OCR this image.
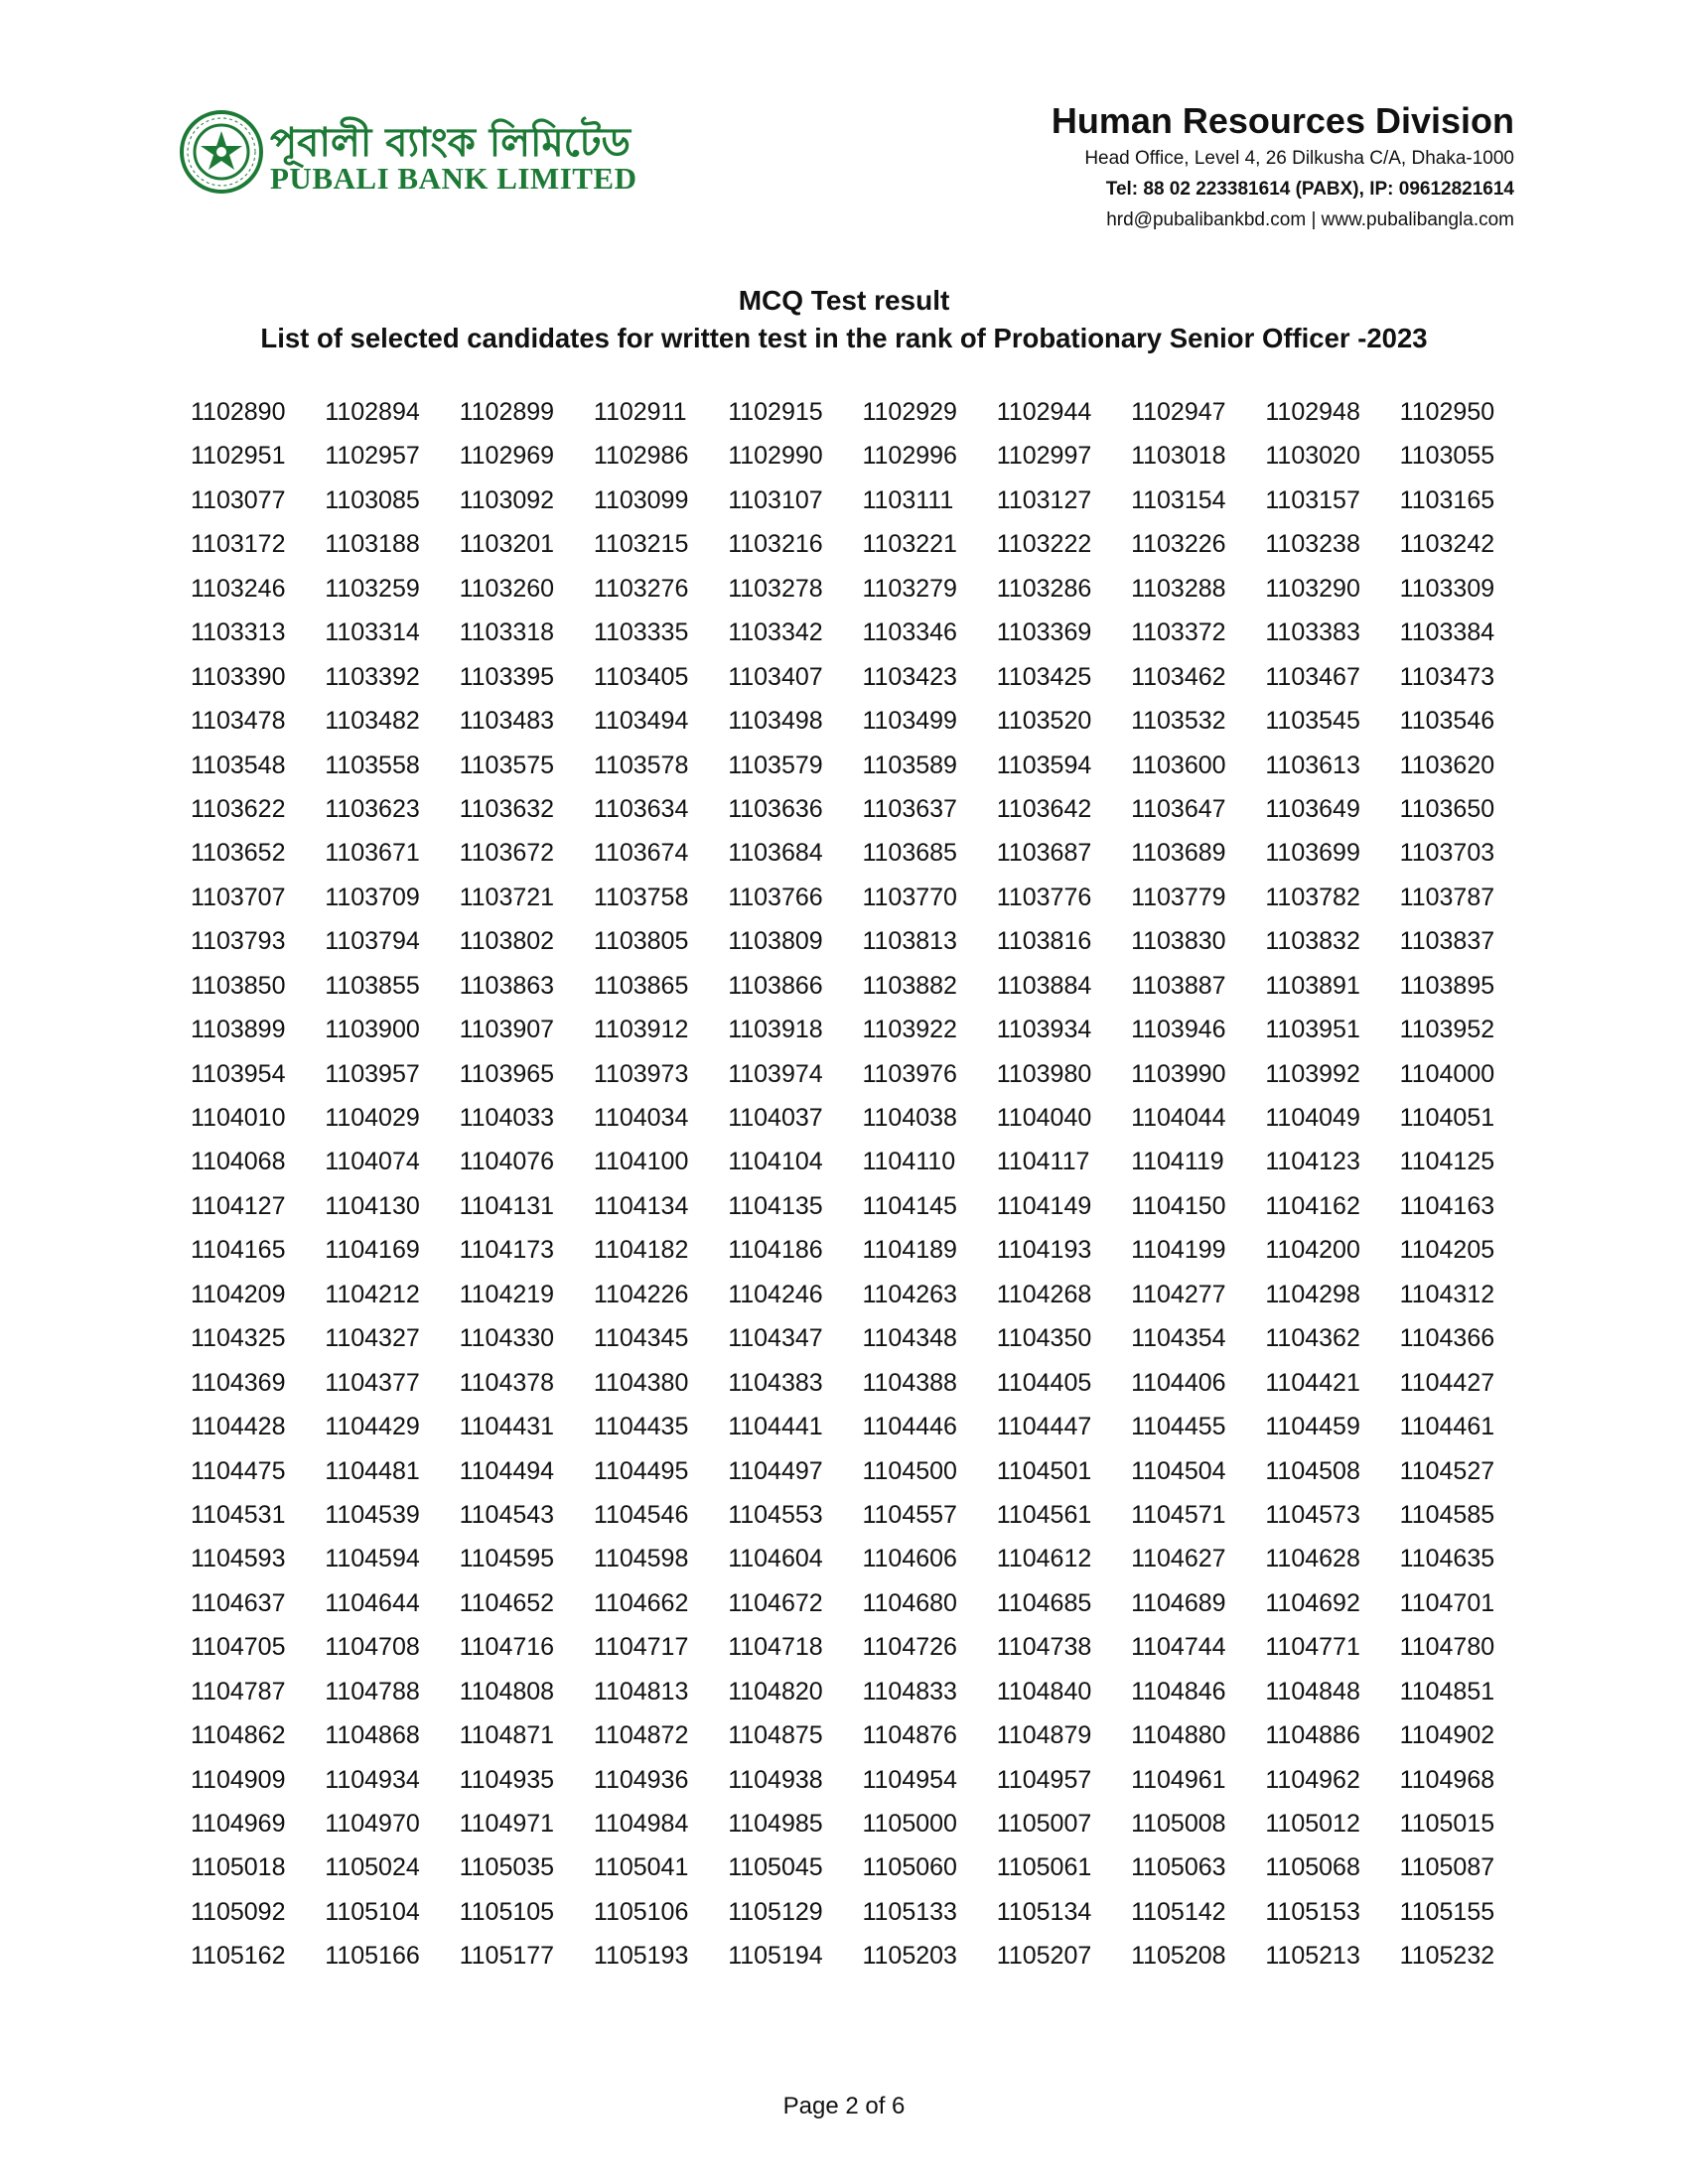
পূবালী ব্যাংক লিমিটেড
PUBALI BANK LIMITED
Human Resources Division
Head Office, Level 4, 26 Dilkusha C/A, Dhaka-1000
Tel: 88 02 223381614 (PABX), IP: 09612821614
hrd@pubalibankbd.com | www.pubalibangla.com
MCQ Test result
List of selected candidates for written test in the rank of Probationary Senior Officer -2023
1102890	1102894	1102899	1102911	1102915	1102929	1102944	1102947	1102948	1102950
1102951	1102957	1102969	1102986	1102990	1102996	1102997	1103018	1103020	1103055
1103077	1103085	1103092	1103099	1103107	1103111	1103127	1103154	1103157	1103165
1103172	1103188	1103201	1103215	1103216	1103221	1103222	1103226	1103238	1103242
1103246	1103259	1103260	1103276	1103278	1103279	1103286	1103288	1103290	1103309
1103313	1103314	1103318	1103335	1103342	1103346	1103369	1103372	1103383	1103384
1103390	1103392	1103395	1103405	1103407	1103423	1103425	1103462	1103467	1103473
1103478	1103482	1103483	1103494	1103498	1103499	1103520	1103532	1103545	1103546
1103548	1103558	1103575	1103578	1103579	1103589	1103594	1103600	1103613	1103620
1103622	1103623	1103632	1103634	1103636	1103637	1103642	1103647	1103649	1103650
1103652	1103671	1103672	1103674	1103684	1103685	1103687	1103689	1103699	1103703
1103707	1103709	1103721	1103758	1103766	1103770	1103776	1103779	1103782	1103787
1103793	1103794	1103802	1103805	1103809	1103813	1103816	1103830	1103832	1103837
1103850	1103855	1103863	1103865	1103866	1103882	1103884	1103887	1103891	1103895
1103899	1103900	1103907	1103912	1103918	1103922	1103934	1103946	1103951	1103952
1103954	1103957	1103965	1103973	1103974	1103976	1103980	1103990	1103992	1104000
1104010	1104029	1104033	1104034	1104037	1104038	1104040	1104044	1104049	1104051
1104068	1104074	1104076	1104100	1104104	1104110	1104117	1104119	1104123	1104125
1104127	1104130	1104131	1104134	1104135	1104145	1104149	1104150	1104162	1104163
1104165	1104169	1104173	1104182	1104186	1104189	1104193	1104199	1104200	1104205
1104209	1104212	1104219	1104226	1104246	1104263	1104268	1104277	1104298	1104312
1104325	1104327	1104330	1104345	1104347	1104348	1104350	1104354	1104362	1104366
1104369	1104377	1104378	1104380	1104383	1104388	1104405	1104406	1104421	1104427
1104428	1104429	1104431	1104435	1104441	1104446	1104447	1104455	1104459	1104461
1104475	1104481	1104494	1104495	1104497	1104500	1104501	1104504	1104508	1104527
1104531	1104539	1104543	1104546	1104553	1104557	1104561	1104571	1104573	1104585
1104593	1104594	1104595	1104598	1104604	1104606	1104612	1104627	1104628	1104635
1104637	1104644	1104652	1104662	1104672	1104680	1104685	1104689	1104692	1104701
1104705	1104708	1104716	1104717	1104718	1104726	1104738	1104744	1104771	1104780
1104787	1104788	1104808	1104813	1104820	1104833	1104840	1104846	1104848	1104851
1104862	1104868	1104871	1104872	1104875	1104876	1104879	1104880	1104886	1104902
1104909	1104934	1104935	1104936	1104938	1104954	1104957	1104961	1104962	1104968
1104969	1104970	1104971	1104984	1104985	1105000	1105007	1105008	1105012	1105015
1105018	1105024	1105035	1105041	1105045	1105060	1105061	1105063	1105068	1105087
1105092	1105104	1105105	1105106	1105129	1105133	1105134	1105142	1105153	1105155
1105162	1105166	1105177	1105193	1105194	1105203	1105207	1105208	1105213	1105232
Page 2 of 6
